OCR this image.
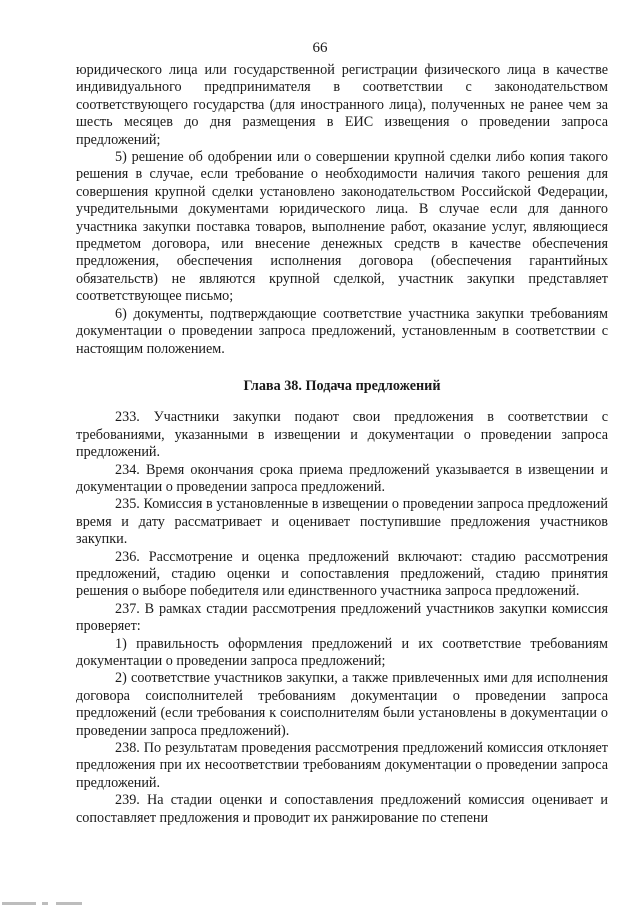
66

юридического лица или государственной регистрации физического лица в качестве индивидуального предпринимателя в соответствии с законодательством соответствующего государства (для иностранного лица), полученных не ранее чем за шесть месяцев до дня размещения в ЕИС извещения о проведении запроса предложений;

5) решение об одобрении или о совершении крупной сделки либо копия такого решения в случае, если требование о необходимости наличия такого решения для совершения крупной сделки установлено законодательством Российской Федерации, учредительными документами юридического лица. В случае если для данного участника закупки поставка товаров, выполнение работ, оказание услуг, являющиеся предметом договора, или внесение денежных средств в качестве обеспечения предложения, обеспечения исполнения договора (обеспечения гарантийных обязательств) не являются крупной сделкой, участник закупки представляет соответствующее письмо;

6) документы, подтверждающие соответствие участника закупки требованиям документации о проведении запроса предложений, установленным в соответствии с настоящим положением.

Глава 38. Подача предложений

233. Участники закупки подают свои предложения в соответствии с требованиями, указанными в извещении и документации о проведении запроса предложений.

234. Время окончания срока приема предложений указывается в извещении и документации о проведении запроса предложений.

235. Комиссия в установленные в извещении о проведении запроса предложений время и дату рассматривает и оценивает поступившие предложения участников закупки.

236. Рассмотрение и оценка предложений включают: стадию рассмотрения предложений, стадию оценки и сопоставления предложений, стадию принятия решения о выборе победителя или единственного участника запроса предложений.

237. В рамках стадии рассмотрения предложений участников закупки комиссия проверяет:

1) правильность оформления предложений и их соответствие требованиям документации о проведении запроса предложений;

2) соответствие участников закупки, а также привлеченных ими для исполнения договора соисполнителей требованиям документации о проведении запроса предложений (если требования к соисполнителям были установлены в документации о проведении запроса предложений).

238. По результатам проведения рассмотрения предложений комиссия отклоняет предложения при их несоответствии требованиям документации о проведении запроса предложений.

239. На стадии оценки и сопоставления предложений комиссия оценивает и сопоставляет предложения и проводит их ранжирование по степени
